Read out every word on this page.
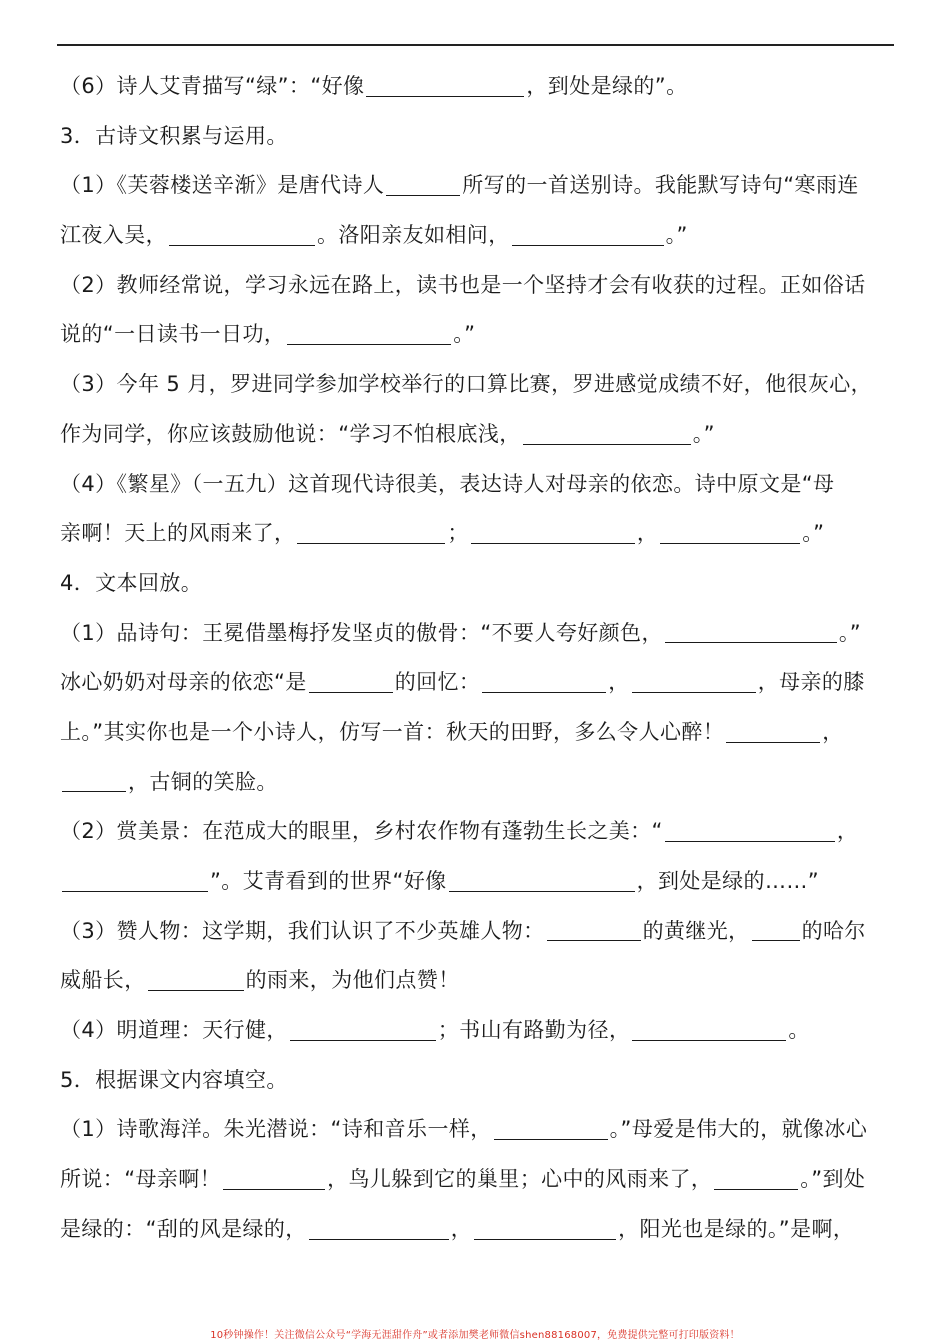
（6）诗人艾青描写“绿”：“好像	，到处是绿的”。
3．古诗文积累与运用。
（1）《芙蓉楼送辛渐》是唐代诗人	所写的一首送别诗。我能默写诗句“寒雨连
江夜入吴，	。洛阳亲友如相问，	。”
（2）教师经常说，学习永远在路上，读书也是一个坚持才会有收获的过程。正如俗话
说的“一日读书一日功，	。”
（3）今年 5 月，罗进同学参加学校举行的口算比赛，罗进感觉成绩不好，他很灰心，
作为同学，你应该鼓励他说：“学习不怕根底浅，	。”
（4）《繁星》（一五九）这首现代诗很美，表达诗人对母亲的依恋。诗中原文是“母
亲啊！天上的风雨来了，	；	，	。”
4．文本回放。
（1）品诗句：王冕借墨梅抒发坚贞的傲骨：“不要人夸好颜色，	。”
冰心奶奶对母亲的依恋“是	的回忆：	，	，母亲的膝
上。”其实你也是一个小诗人，仿写一首：秋天的田野，多么令人心醉！	，
，古铜的笑脸。
（2）赏美景：在范成大的眼里，乡村农作物有蓬勃生长之美：“	，
”。艾青看到的世界“好像	，到处是绿的……”
（3）赞人物：这学期，我们认识了不少英雄人物：	的黄继光， 的哈尔
威船长，	的雨来，为他们点赞！
（4）明道理：天行健，	；书山有路勤为径，	。
5．根据课文内容填空。
（1）诗歌海洋。朱光潜说：“诗和音乐一样，	。”母爱是伟大的，就像冰心
所说：“母亲啊！	，鸟儿躲到它的巢里；心中的风雨来了，	。”到处
是绿的：“刮的风是绿的，	，	，阳光也是绿的。”是啊，
10秒钟操作！关注微信公众号“学海无涯甜作舟”或者添加樊老师微信shen88168007，免费提供完整可打印版资料！
